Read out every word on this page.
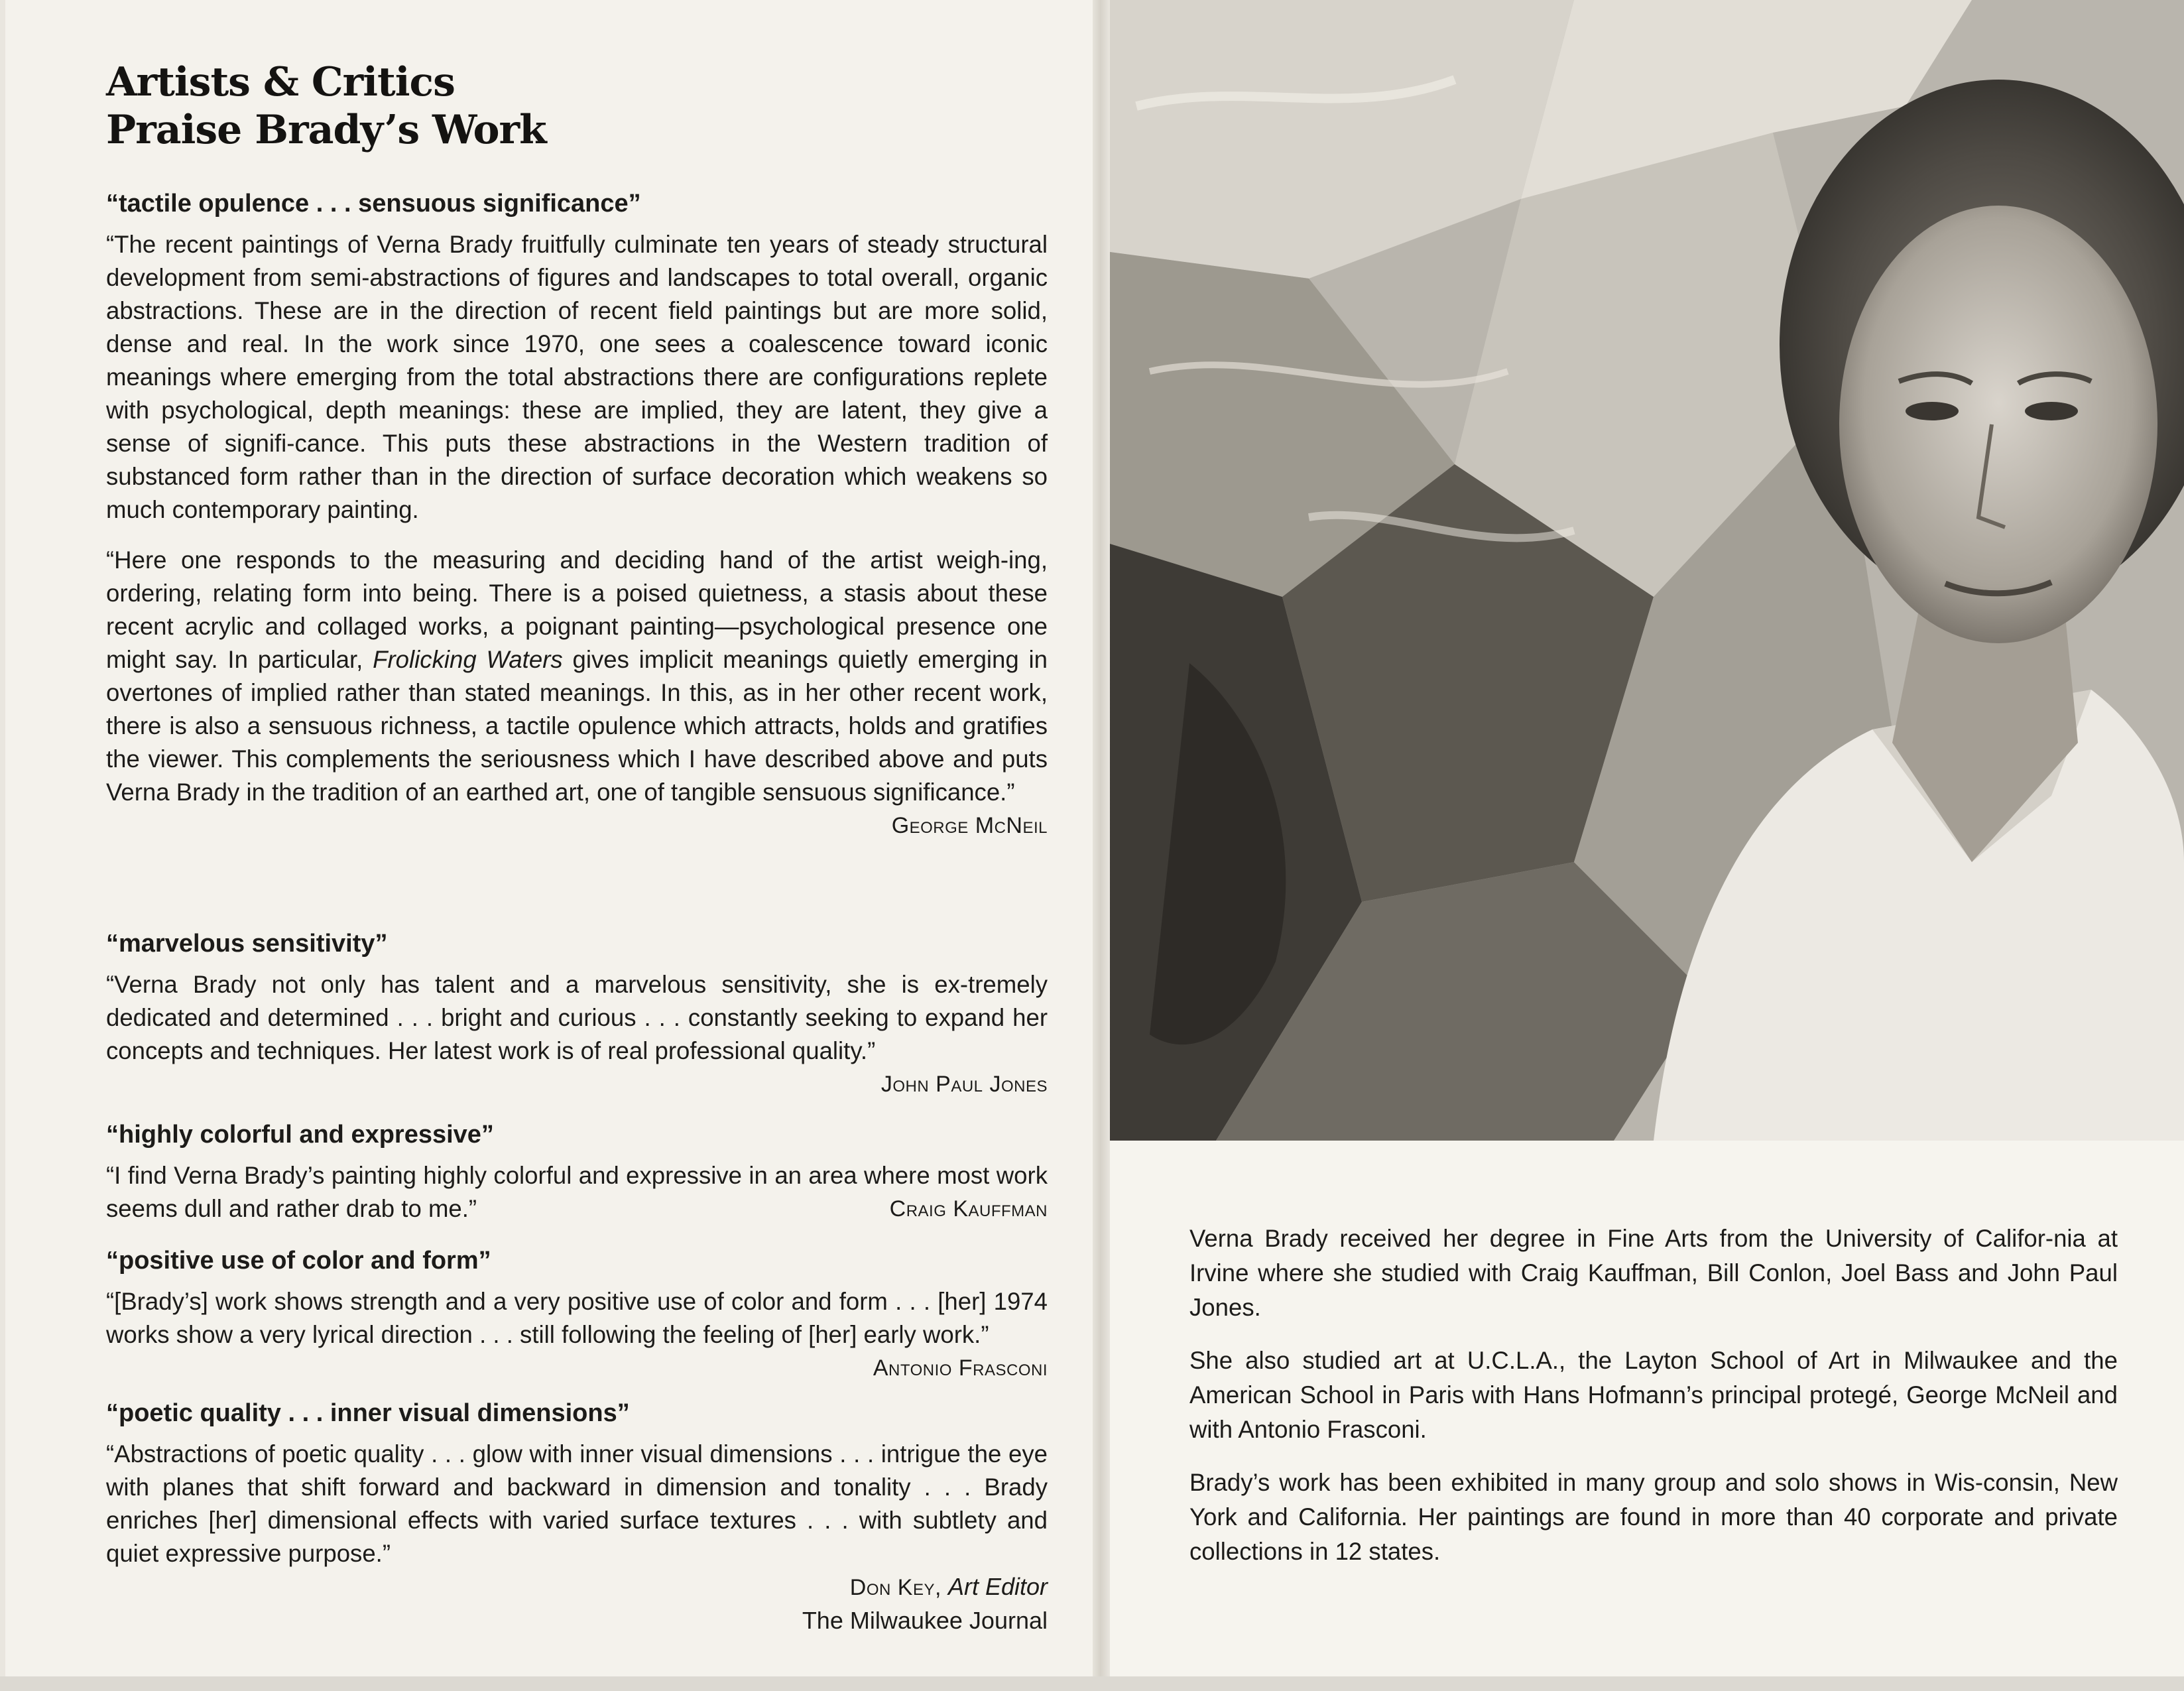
Artists & Critics
Praise Brady’s Work
“tactile opulence . . . sensuous significance”
“The recent paintings of Verna Brady fruitfully culminate ten years of steady structural development from semi-abstractions of figures and landscapes to total overall, organic abstractions. These are in the direction of recent field paintings but are more solid, dense and real. In the work since 1970, one sees a coalescence toward iconic meanings where emerging from the total abstractions there are configurations replete with psychological, depth meanings: these are implied, they are latent, they give a sense of signifi-cance. This puts these abstractions in the Western tradition of substanced form rather than in the direction of surface decoration which weakens so much contemporary painting.
“Here one responds to the measuring and deciding hand of the artist weigh-ing, ordering, relating form into being. There is a poised quietness, a stasis about these recent acrylic and collaged works, a poignant painting—psychological presence one might say. In particular, Frolicking Waters gives implicit meanings quietly emerging in overtones of implied rather than stated meanings. In this, as in her other recent work, there is also a sensuous richness, a tactile opulence which attracts, holds and gratifies the viewer. This complements the seriousness which I have described above and puts Verna Brady in the tradition of an earthed art, one of tangible sensuous significance.”
George McNeil
“marvelous sensitivity”
“Verna Brady not only has talent and a marvelous sensitivity, she is ex-tremely dedicated and determined . . . bright and curious . . . constantly seeking to expand her concepts and techniques. Her latest work is of real professional quality.”
John Paul Jones
“highly colorful and expressive”
“I find Verna Brady’s painting highly colorful and expressive in an area where most work seems dull and rather drab to me.”	Craig Kauffman
“positive use of color and form”
“[Brady’s] work shows strength and a very positive use of color and form . . . [her] 1974 works show a very lyrical direction . . . still following the feeling of [her] early work.”
Antonio Frasconi
“poetic quality . . . inner visual dimensions”
“Abstractions of poetic quality . . . glow with inner visual dimensions . . . intrigue the eye with planes that shift forward and backward in dimension and tonality . . . Brady enriches [her] dimensional effects with varied surface textures . . . with subtlety and quiet expressive purpose.”
Don Key, Art Editor
The Milwaukee Journal

Verna Brady received her degree in Fine Arts from the University of Califor-nia at Irvine where she studied with Craig Kauffman, Bill Conlon, Joel Bass and John Paul Jones.

She also studied art at U.C.L.A., the Layton School of Art in Milwaukee and the American School in Paris with Hans Hofmann’s principal protegé, George McNeil and with Antonio Frasconi.

Brady’s work has been exhibited in many group and solo shows in Wis-consin, New York and California. Her paintings are found in more than 40 corporate and private collections in 12 states.
